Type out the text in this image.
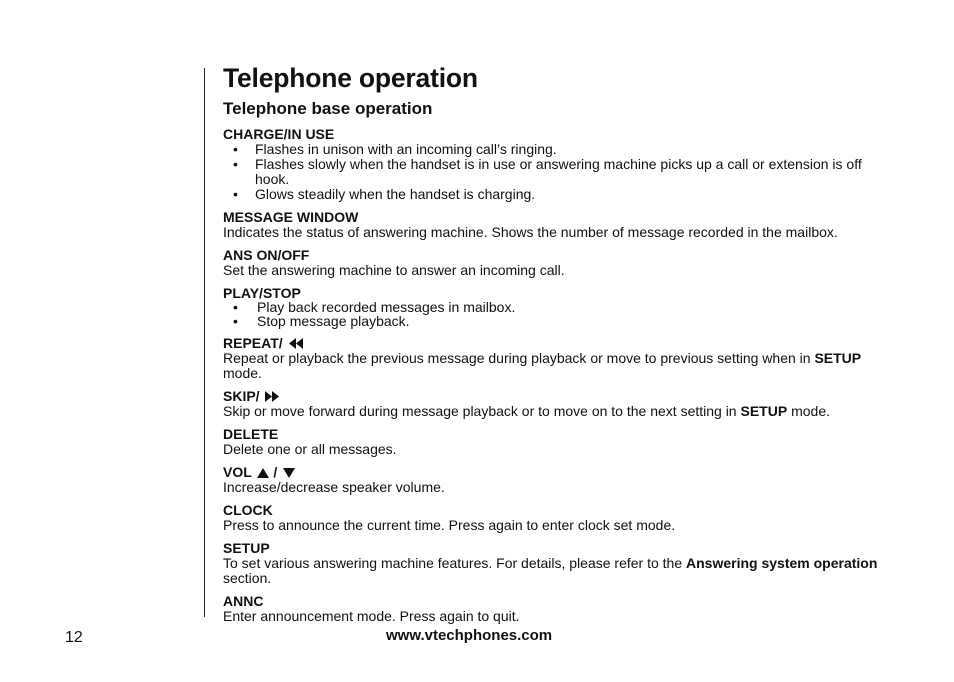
Telephone operation
Telephone base operation
CHARGE/IN USE
• Flashes in unison with an incoming call’s ringing.
• Flashes slowly when the handset is in use or answering machine picks up a call or extension is off hook.
• Glows steadily when the handset is charging.
MESSAGE WINDOW
Indicates the status of answering machine. Shows the number of message recorded in the mailbox.
ANS ON/OFF
Set the answering machine to answer an incoming call.
PLAY/STOP
• Play back recorded messages in mailbox.
• Stop message playback.
REPEAT/
Repeat or playback the previous message during playback or move to previous setting when in SETUP mode.
SKIP/
Skip or move forward during message playback or to move on to the next setting in SETUP mode.
DELETE
Delete one or all messages.
VOL /
Increase/decrease speaker volume.
CLOCK
Press to announce the current time. Press again to enter clock set mode.
SETUP
To set various answering machine features. For details, please refer to the Answering system operation section.
ANNC
Enter announcement mode. Press again to quit.
12	www.vtechphones.com
